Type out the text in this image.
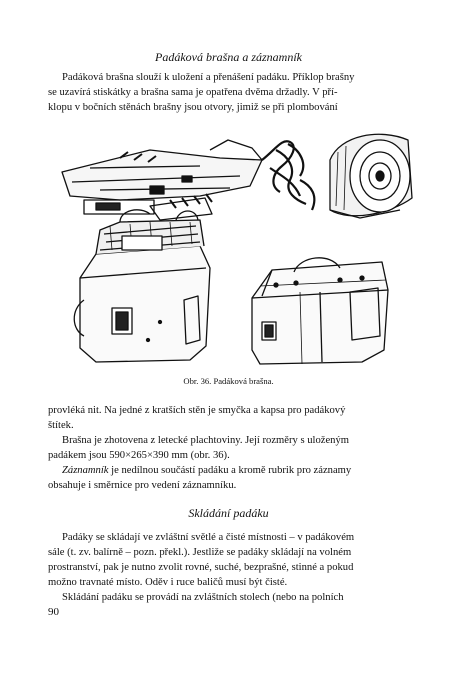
Padáková brašna a záznamník
Padáková brašna slouží k uložení a přenášení padáku. Příklop brašny
se uzavírá stiskátky a brašna sama je opatřena dvěma držadly. V pří-
klopu v bočních stěnách brašny jsou otvory, jimiž se při plombování
Obr. 36. Padáková brašna.
provléká nit. Na jedné z kratších stěn je smyčka a kapsa pro padákový
štítek.
Brašna je zhotovena z letecké plachtoviny. Její rozměry s uloženým
padákem jsou 590×265×390 mm (obr. 36).
Záznamník je nedílnou součástí padáku a kromě rubrik pro záznamy
obsahuje i směrnice pro vedení záznamníku.
Skládání padáku
Padáky se skládají ve zvláštní světlé a čisté místnosti – v padákovém
sále (t. zv. balírně – pozn. překl.). Jestliže se padáky skládají na volném
prostranství, pak je nutno zvolit rovné, suché, bezprašné, stinné a pokud
možno travnaté místo. Oděv i ruce baličů musí být čisté.
Skládání padáku se provádí na zvláštních stolech (nebo na polních
90
